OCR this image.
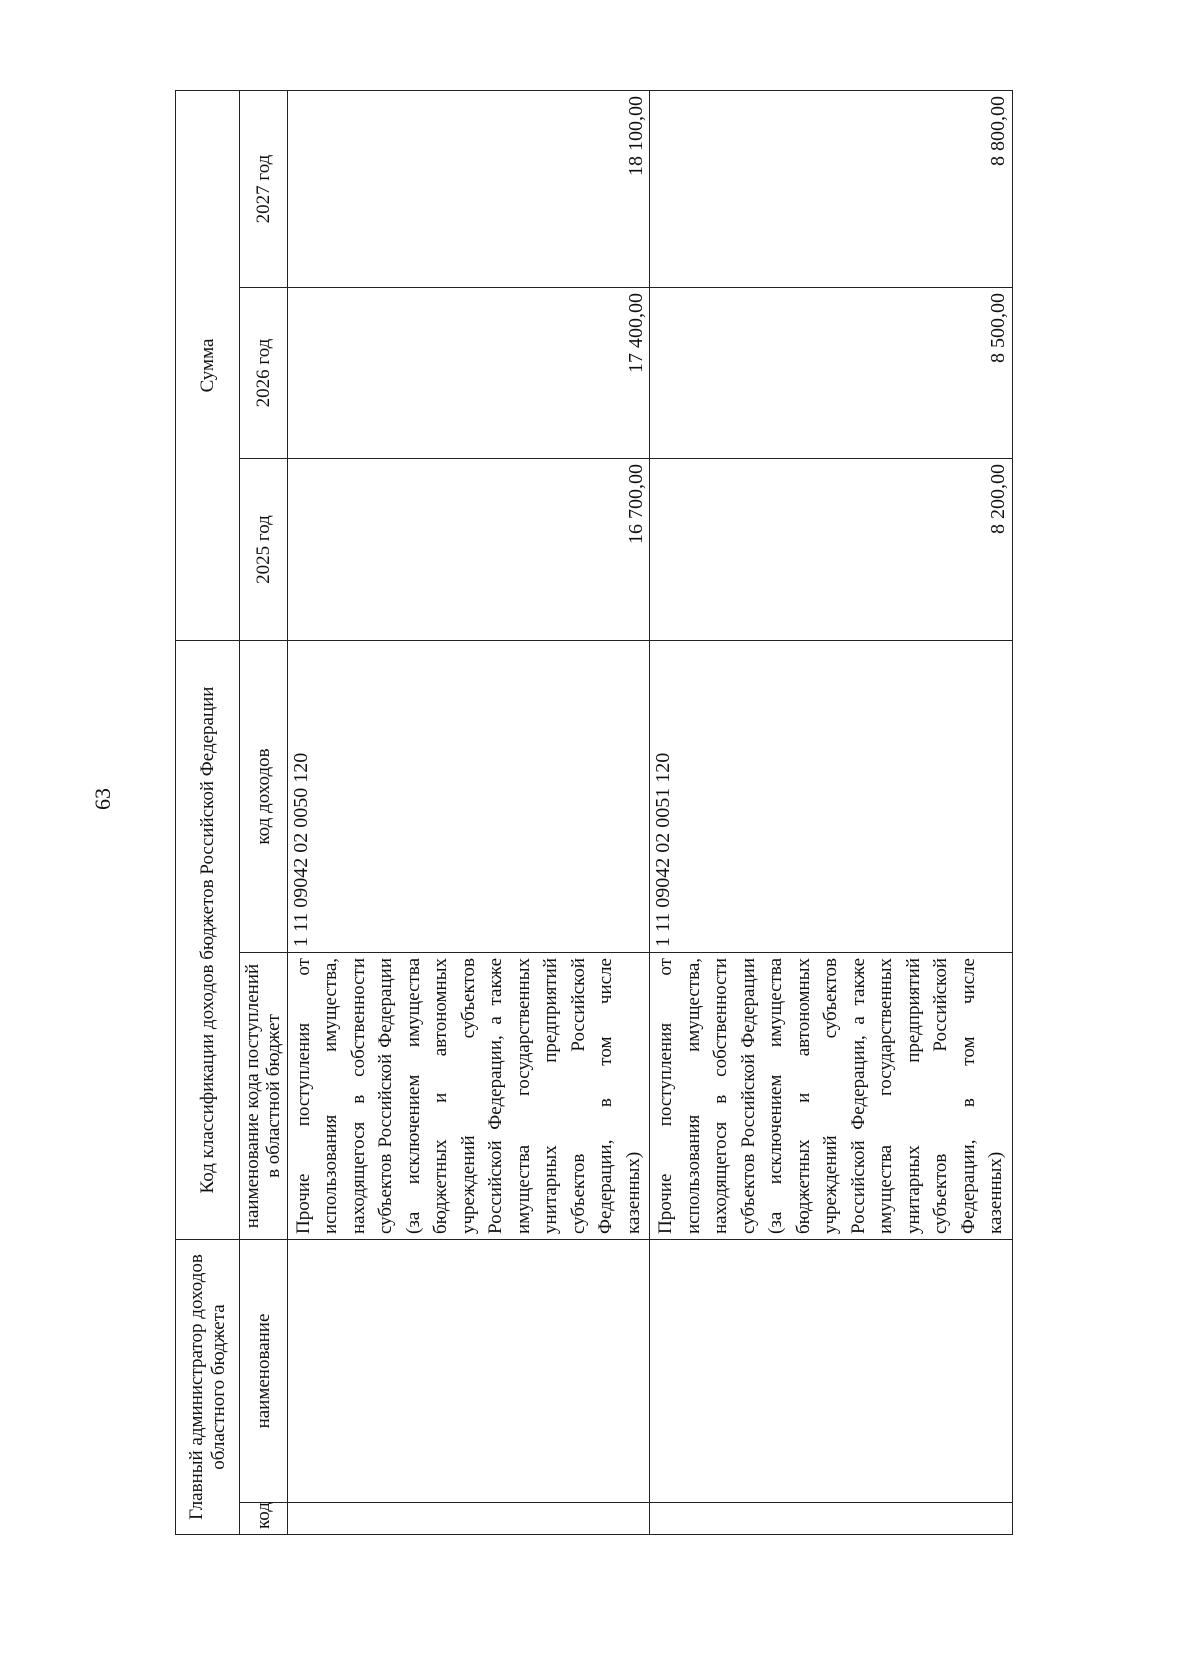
63
Главный администратор доходов областного бюджета		Код классификации доходов бюджетов Российской Федерации		Сумма		
код	наименование	наименование кода поступлений в областной бюджет	код доходов	2025 год	2026 год	2027 год
		Прочие поступления от использования имущества, находящегося в собственности субъектов Российской Федерации (за исключением имущества бюджетных и автономных учреждений субъектов Российской Федерации, а также имущества государственных унитарных предприятий субъектов Российской Федерации, в том числе казенных)	1 11 09042 02 0050 120	16 700,00	17 400,00	18 100,00
		Прочие поступления от использования имущества, находящегося в собственности субъектов Российской Федерации (за исключением имущества бюджетных и автономных учреждений субъектов Российской Федерации, а также имущества государственных унитарных предприятий субъектов Российской Федерации, в том числе казенных)	1 11 09042 02 0051 120	8 200,00	8 500,00	8 800,00
